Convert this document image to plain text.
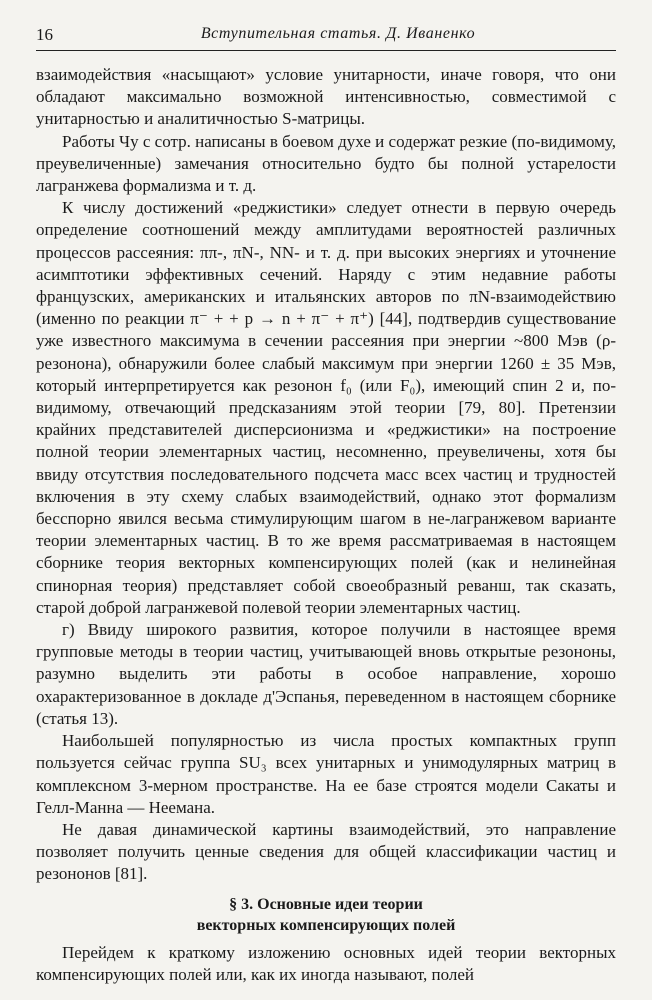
16	Вступительная статья. Д. Иваненко

взаимодействия «насыщают» условие унитарности, иначе говоря, что они обладают максимально возможной интенсивностью, совместимой с унитарностью и аналитичностью S-матрицы.

Работы Чу с сотр. написаны в боевом духе и содержат резкие (по-видимому, преувеличенные) замечания относительно будто бы полной устарелости лагранжева формализма и т. д.

К числу достижений «реджистики» следует отнести в первую очередь определение соотношений между амплитудами вероятностей различных процессов рассеяния: ππ-, πN-, NN- и т. д. при высоких энергиях и уточнение асимптотики эффективных сечений. Наряду с этим недавние работы французских, американских и итальянских авторов по πN-взаимодействию (именно по реакции π⁻ + + p → n + π⁻ + π⁺) [44], подтвердив существование уже известного максимума в сечении рассеяния при энергии ~800 Мэв (ρ-резонона), обнаружили более слабый максимум при энергии 1260 ± 35 Мэв, который интерпретируется как резонон f₀ (или F₀), имеющий спин 2 и, по-видимому, отвечающий предсказаниям этой теории [79, 80]. Претензии крайних представителей дисперсионизма и «реджистики» на построение полной теории элементарных частиц, несомненно, преувеличены, хотя бы ввиду отсутствия последовательного подсчета масс всех частиц и трудностей включения в эту схему слабых взаимодействий, однако этот формализм бесспорно явился весьма стимулирующим шагом в не-лагранжевом варианте теории элементарных частиц. В то же время рассматриваемая в настоящем сборнике теория векторных компенсирующих полей (как и нелинейная спинорная теория) представляет собой своеобразный реванш, так сказать, старой доброй лагранжевой полевой теории элементарных частиц.

г) Ввиду широкого развития, которое получили в настоящее время групповые методы в теории частиц, учитывающей вновь открытые резононы, разумно выделить эти работы в особое направление, хорошо охарактеризованное в докладе д'Эспанья, переведенном в настоящем сборнике (статья 13).

Наибольшей популярностью из числа простых компактных групп пользуется сейчас группа SU₃ всех унитарных и унимодулярных матриц в комплексном 3-мерном пространстве. На ее базе строятся модели Сакаты и Гелл-Манна — Неемана.

Не давая динамической картины взаимодействий, это направление позволяет получить ценные сведения для общей классификации частиц и резононов [81].

§ 3. Основные идеи теории
векторных компенсирующих полей

Перейдем к краткому изложению основных идей теории векторных компенсирующих полей или, как их иногда называют, полей
